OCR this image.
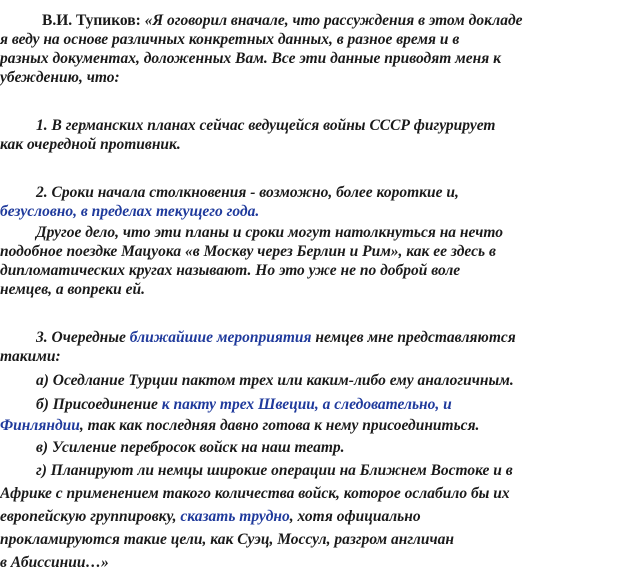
В.И. Тупиков: «Я оговорил вначале, что рассуждения в этом докладе
я веду на основе различных конкретных данных, в разное время и в
разных документах, доложенных Вам. Все эти данные приводят меня к
убеждению, что:
1. В германских планах сейчас ведущейся войны СССР фигурирует
как очередной противник.
2. Сроки начала столкновения - возможно, более короткие и,
безусловно, в пределах текущего года.
Другое дело, что эти планы и сроки могут натолкнуться на нечто
подобное поездке Мацуока «в Москву через Берлин и Рим», как ее здесь в
дипломатических кругах называют. Но это уже не по доброй воле
немцев, а вопреки ей.
3. Очередные ближайшие мероприятия немцев мне представляются
такими:
а) Оседлание Турции пактом трех или каким-либо ему аналогичным.
б) Присоединение к пакту трех Швеции, а следовательно, и
Финляндии, так как последняя давно готова к нему присоединиться.
в) Усиление перебросок войск на наш театр.
г) Планируют ли немцы широкие операции на Ближнем Востоке и в
Африке с применением такого количества войск, которое ослабило бы их
европейскую группировку, сказать трудно, хотя официально
прокламируются такие цели, как Суэц, Моссул, разгром англичан
в Абиссинии…»
